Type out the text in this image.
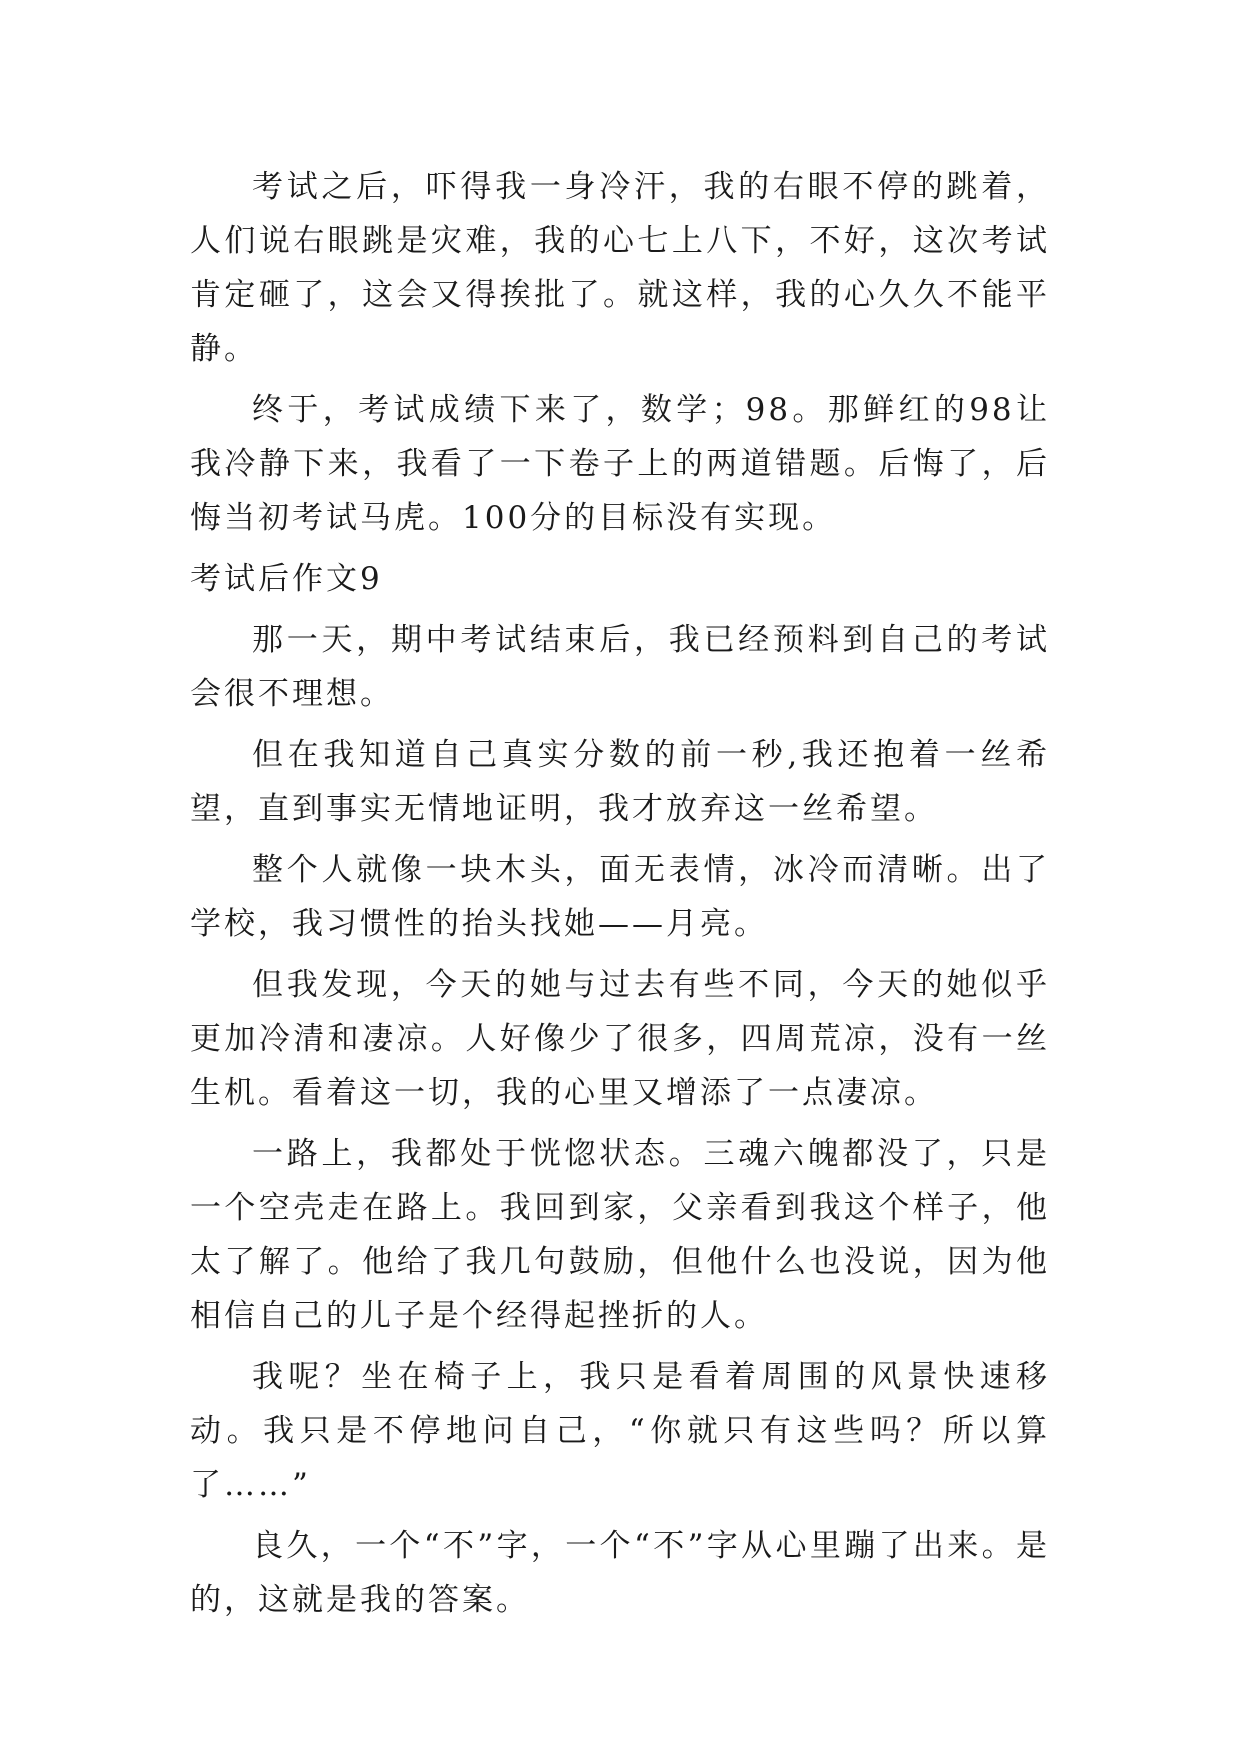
考试之后，吓得我一身冷汗，我的右眼不停的跳着，人们说右眼跳是灾难，我的心七上八下，不好，这次考试肯定砸了，这会又得挨批了。就这样，我的心久久不能平静。

终于，考试成绩下来了，数学；98。那鲜红的98让我冷静下来，我看了一下卷子上的两道错题。后悔了，后悔当初考试马虎。100分的目标没有实现。

考试后作文9

那一天，期中考试结束后，我已经预料到自己的考试会很不理想。

但在我知道自己真实分数的前一秒,我还抱着一丝希望，直到事实无情地证明，我才放弃这一丝希望。

整个人就像一块木头，面无表情，冰冷而清晰。出了学校，我习惯性的抬头找她——月亮。

但我发现，今天的她与过去有些不同，今天的她似乎更加冷清和凄凉。人好像少了很多，四周荒凉，没有一丝生机。看着这一切，我的心里又增添了一点凄凉。

一路上，我都处于恍惚状态。三魂六魄都没了，只是一个空壳走在路上。我回到家，父亲看到我这个样子，他太了解了。他给了我几句鼓励，但他什么也没说，因为他相信自己的儿子是个经得起挫折的人。

我呢？坐在椅子上，我只是看着周围的风景快速移动。我只是不停地问自己，“你就只有这些吗？所以算了……”

良久，一个“不”字，一个“不”字从心里蹦了出来。是的，这就是我的答案。
